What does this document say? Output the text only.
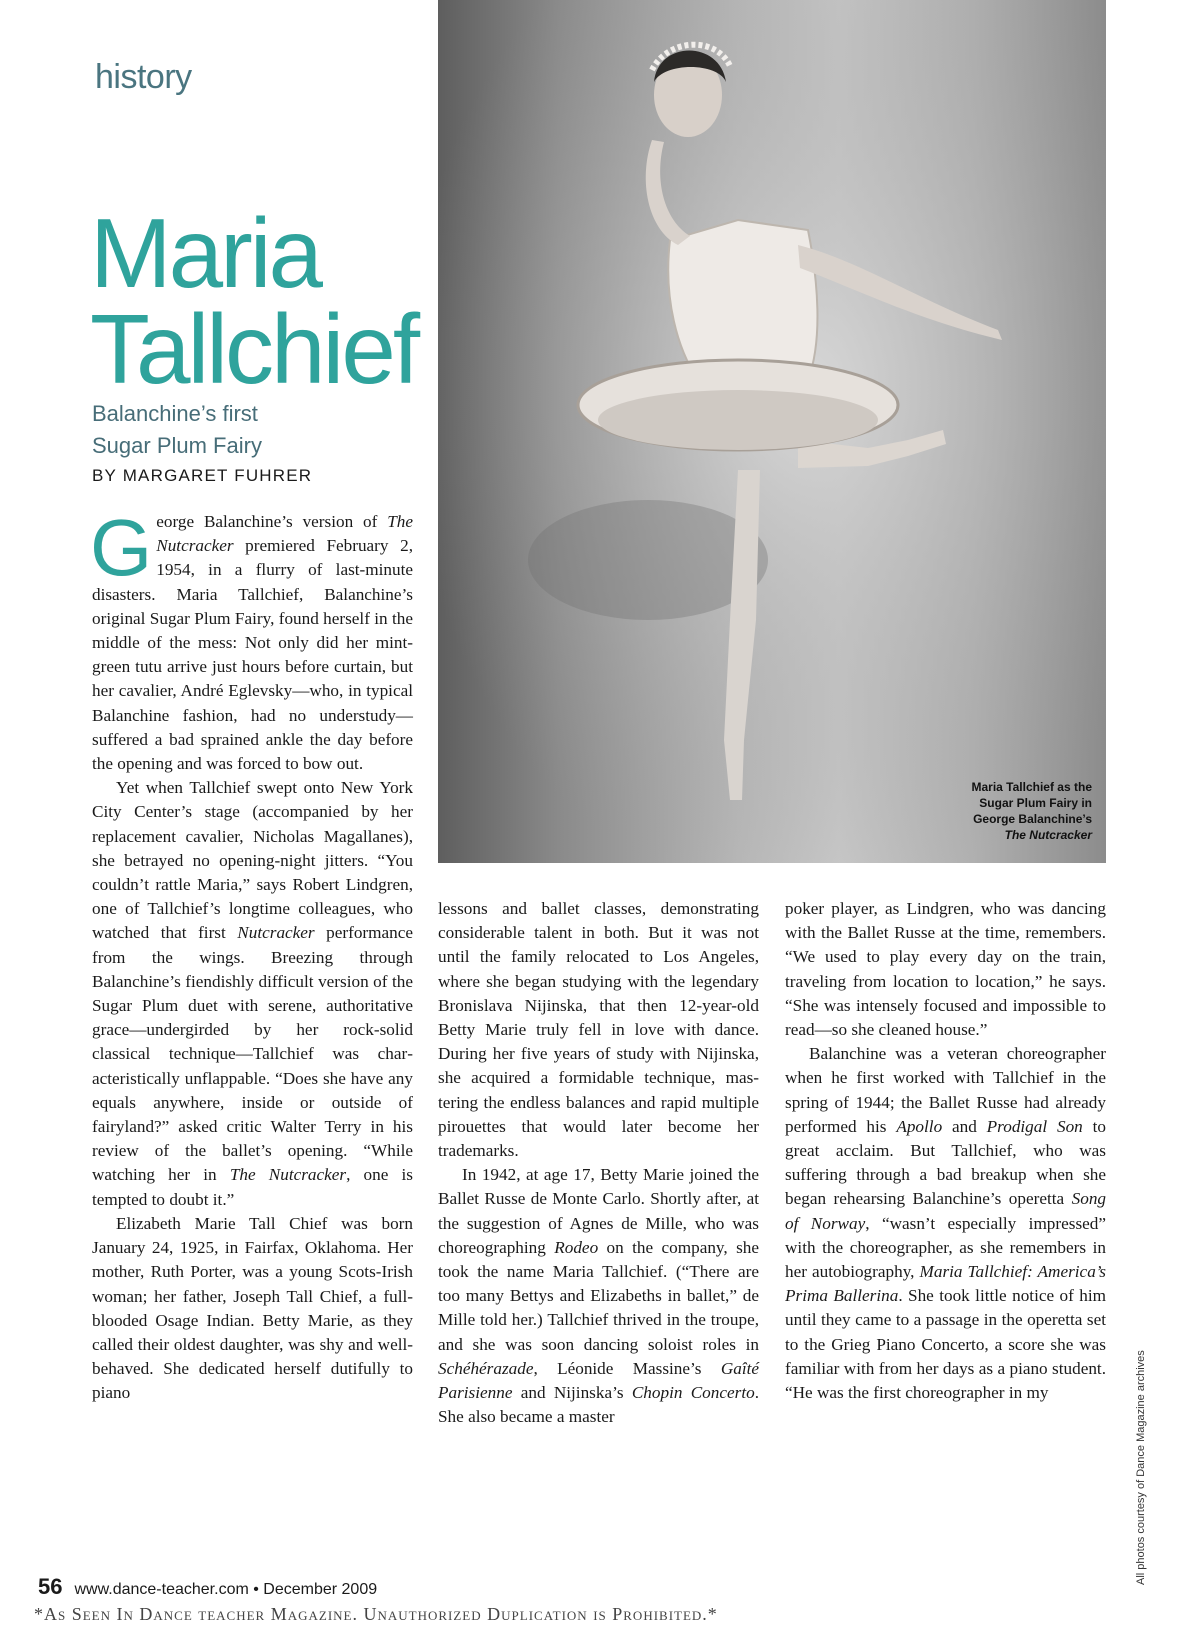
history
Maria
Tallchief
Balanchine’s first
Sugar Plum Fairy
BY MARGARET FUHRER

George Balanchine’s version of The Nutcracker premiered February 2, 1954, in a flurry of last-minute disasters. Maria Tallchief, Balanchine’s original Sugar Plum Fairy, found herself in the middle of the mess: Not only did her mint-green tutu arrive just hours before curtain, but her cavalier, André Eglevsky—who, in typical Balanchine fashion, had no understudy—suffered a bad sprained ankle the day before the opening and was forced to bow out.

Yet when Tallchief swept onto New York City Center’s stage (accompanied by her replacement cavalier, Nicholas Magallanes), she betrayed no opening-night jitters. “You couldn’t rattle Maria,” says Robert Lindgren, one of Tallchief’s longtime colleagues, who watched that first Nutcracker performance from the wings. Breezing through Balanchine’s fiendishly difficult version of the Sugar Plum duet with serene, authoritative grace—undergirded by her rock-solid classical technique—Tallchief was characteristically unflappable. “Does she have any equals anywhere, inside or outside of fairyland?” asked critic Walter Terry in his review of the ballet’s opening. “While watching her in The Nutcracker, one is tempted to doubt it.”

Elizabeth Marie Tall Chief was born January 24, 1925, in Fairfax, Oklahoma. Her mother, Ruth Porter, was a young Scots-Irish woman; her father, Joseph Tall Chief, a full-blooded Osage Indian. Betty Marie, as they called their oldest daughter, was shy and well-behaved. She dedicated herself dutifully to piano

Maria Tallchief as the
Sugar Plum Fairy in
George Balanchine’s
The Nutcracker

lessons and ballet classes, demonstrating considerable talent in both. But it was not until the family relocated to Los Angeles, where she began studying with the legendary Bronislava Nijinska, that then 12-year-old Betty Marie truly fell in love with dance. During her five years of study with Nijinska, she acquired a formidable technique, mastering the endless balances and rapid multiple pirouettes that would later become her trademarks.

In 1942, at age 17, Betty Marie joined the Ballet Russe de Monte Carlo. Shortly after, at the suggestion of Agnes de Mille, who was choreographing Rodeo on the company, she took the name Maria Tallchief. (“There are too many Bettys and Elizabeths in ballet,” de Mille told her.) Tallchief thrived in the troupe, and she was soon dancing soloist roles in Schéhérazade, Léonide Massine’s Gaîté Parisienne and Nijinska’s Chopin Concerto. She also became a master

poker player, as Lindgren, who was dancing with the Ballet Russe at the time, remembers. “We used to play every day on the train, traveling from location to location,” he says. “She was intensely focused and impossible to read—so she cleaned house.”

Balanchine was a veteran choreographer when he first worked with Tallchief in the spring of 1944; the Ballet Russe had already performed his Apollo and Prodigal Son to great acclaim. But Tallchief, who was suffering through a bad breakup when she began rehearsing Balanchine’s operetta Song of Norway, “wasn’t especially impressed” with the choreographer, as she remembers in her autobiography, Maria Tallchief: America’s Prima Ballerina. She took little notice of him until they came to a passage in the operetta set to the Grieg Piano Concerto, a score she was familiar with from her days as a piano student. “He was the first choreographer in my	All photos courtesy of Dance Magazine archives
56 www.dance-teacher.com • December 2009
*As Seen In Dance teacher Magazine. Unauthorized Duplication is Prohibited.*
